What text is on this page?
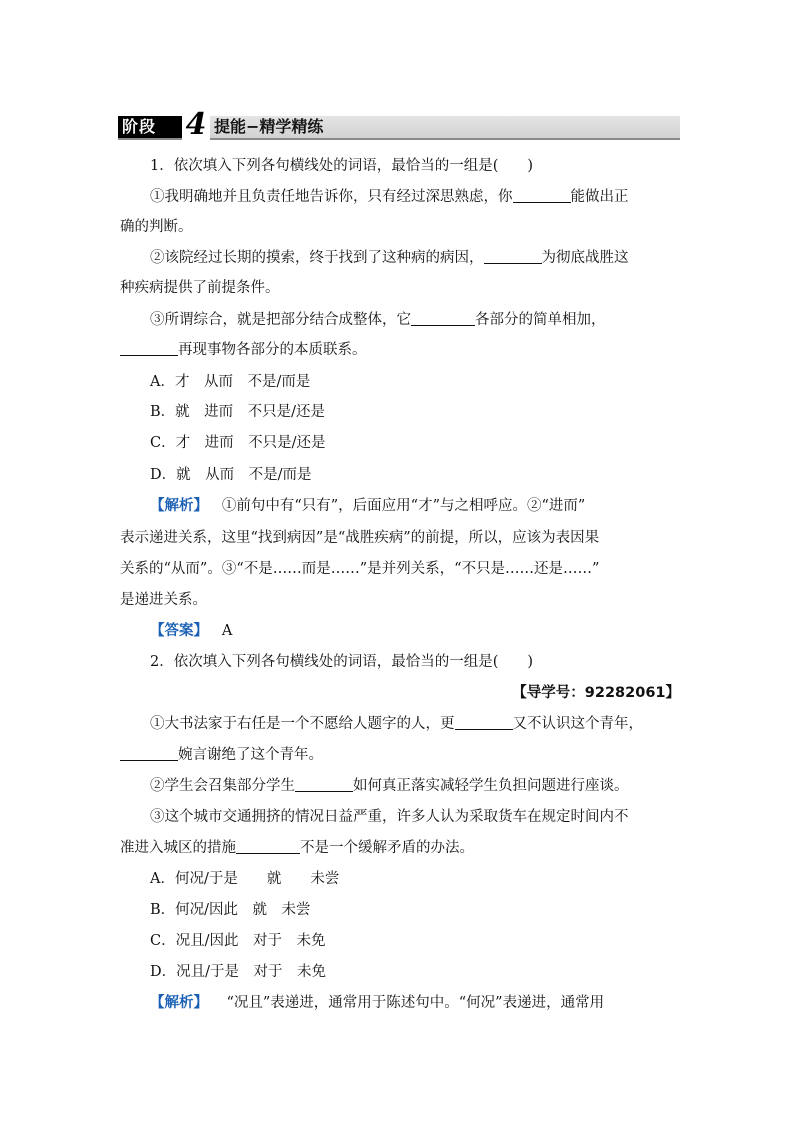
阶段 4 提能−精学精练
1．依次填入下列各句横线处的词语，最恰当的一组是(　　)
①我明确地并且负责任地告诉你，只有经过深思熟虑，你	能做出正
确的判断。
②该院经过长期的摸索，终于找到了这种病的病因，	为彻底战胜这
种疾病提供了前提条件。
③所谓综合，就是把部分结合成整体，它	各部分的简单相加，
再现事物各部分的本质联系。
A．才　从而　不是/而是
B．就　进而　不只是/还是
C．才　进而　不只是/还是
D．就　从而　不是/而是
【解析】 ①前句中有“只有”，后面应用“才”与之相呼应。②“进而”
表示递进关系，这里“找到病因”是“战胜疾病”的前提，所以，应该为表因果
关系的“从而”。③“不是……而是……”是并列关系，“不只是……还是……”
是递进关系。
【答案】 A
2．依次填入下列各句横线处的词语，最恰当的一组是(　　)
【导学号：92282061】
①大书法家于右任是一个不愿给人题字的人，更	又不认识这个青年，
婉言谢绝了这个青年。
②学生会召集部分学生	如何真正落实减轻学生负担问题进行座谈。
③这个城市交通拥挤的情况日益严重，许多人认为采取货车在规定时间内不
准进入城区的措施	不是一个缓解矛盾的办法。
A．何况/于是　　就　　未尝
B．何况/因此　就　未尝
C．况且/因此　对于　未免
D．况且/于是　对于　未免
【解析】 “况且”表递进，通常用于陈述句中。“何况”表递进，通常用
